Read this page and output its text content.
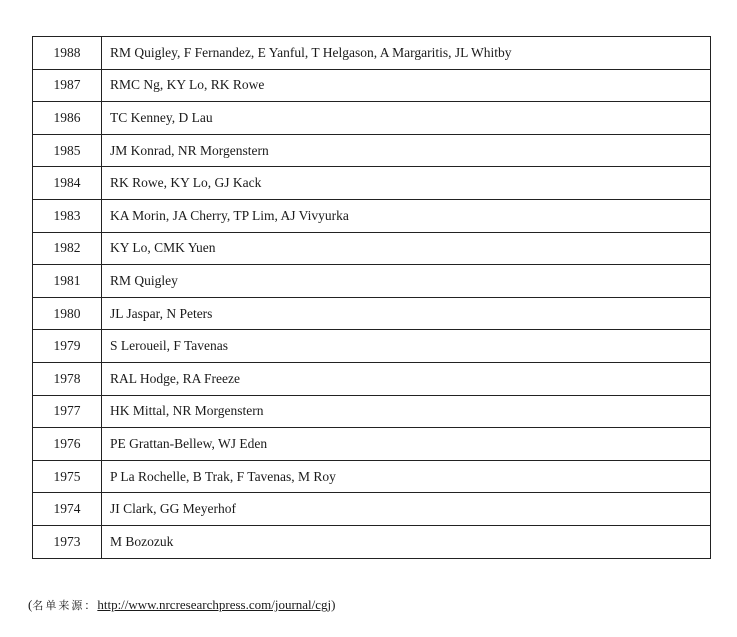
1988	RM Quigley, F Fernandez, E Yanful, T Helgason, A Margaritis, JL Whitby
1987	RMC Ng, KY Lo, RK Rowe
1986	TC Kenney, D Lau
1985	JM Konrad, NR Morgenstern
1984	RK Rowe, KY Lo, GJ Kack
1983	KA Morin, JA Cherry, TP Lim, AJ Vivyurka
1982	KY Lo, CMK Yuen
1981	RM Quigley
1980	JL Jaspar, N Peters
1979	S Leroueil, F Tavenas
1978	RAL Hodge, RA Freeze
1977	HK Mittal, NR Morgenstern
1976	PE Grattan-Bellew, WJ Eden
1975	P La Rochelle, B Trak, F Tavenas, M Roy
1974	JI Clark, GG Meyerhof
1973	M Bozozuk
(名单来源：http://www.nrcresearchpress.com/journal/cgj)
